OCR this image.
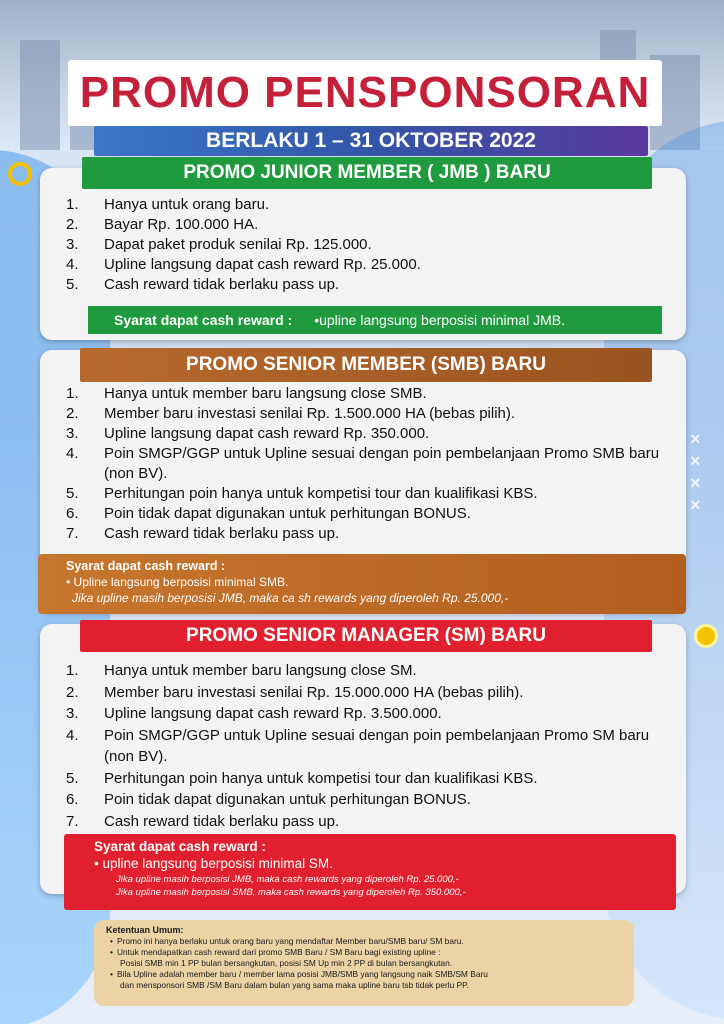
×
×
×
×
PROMO PENSPONSORAN
BERLAKU 1 – 31 OKTOBER 2022
PROMO JUNIOR MEMBER ( JMB ) BARU
1.	Hanya untuk orang baru.
2.	Bayar Rp. 100.000 HA.
3.	Dapat paket produk senilai Rp. 125.000.
4.	Upline langsung dapat cash reward Rp. 25.000.
5.	Cash reward tidak berlaku pass up.
Syarat dapat cash reward : •upline langsung berposisi minimal JMB.
PROMO SENIOR MEMBER (SMB) BARU
1.	Hanya untuk member baru langsung close SMB.
2.	Member baru investasi senilai Rp. 1.500.000 HA (bebas pilih).
3.	Upline langsung dapat cash reward Rp. 350.000.
4.	Poin SMGP/GGP untuk Upline sesuai dengan poin pembelanjaan Promo SMB baru (non BV).
5.	Perhitungan poin hanya untuk kompetisi tour dan kualifikasi KBS.
6.	Poin tidak dapat digunakan untuk perhitungan BONUS.
7.	Cash reward tidak berlaku pass up.
Syarat dapat cash reward :
• Upline langsung berposisi minimal SMB.
Jika upline masih berposisi JMB, maka ca sh rewards yang diperoleh Rp. 25.000,-
PROMO SENIOR MANAGER (SM) BARU
1.	Hanya untuk member baru langsung close SM.
2.	Member baru investasi senilai Rp. 15.000.000 HA (bebas pilih).
3.	Upline langsung dapat cash reward Rp. 3.500.000.
4.	Poin SMGP/GGP untuk Upline sesuai dengan poin pembelanjaan Promo SM baru (non BV).
5.	Perhitungan poin hanya untuk kompetisi tour dan kualifikasi KBS.
6.	Poin tidak dapat digunakan untuk perhitungan BONUS.
7.	Cash reward tidak berlaku pass up.
Syarat dapat cash reward :
• upline langsung berposisi minimal SM.
Jika upline masih berposisi JMB, maka cash rewards yang diperoleh Rp. 25.000,-
Jika upline masih berposisi SMB, maka cash rewards yang diperoleh Rp. 350.000,-
Ketentuan Umum:
• Promo ini hanya berlaku untuk orang baru yang mendaftar Member baru/SMB baru/ SM baru.
• Untuk mendapatkan cash reward dari promo SMB Baru / SM Baru bagi existing upline :
Posisi SMB min 1 PP bulan bersangkutan, posisi SM Up min 2 PP di bulan bersangkutan.
• Bila Upline adalah member baru / member lama posisi JMB/SMB yang langsung naik SMB/SM Baru
dan mensponsori SMB /SM Baru dalam bulan yang sama maka upline baru tsb tidak perlu PP.
